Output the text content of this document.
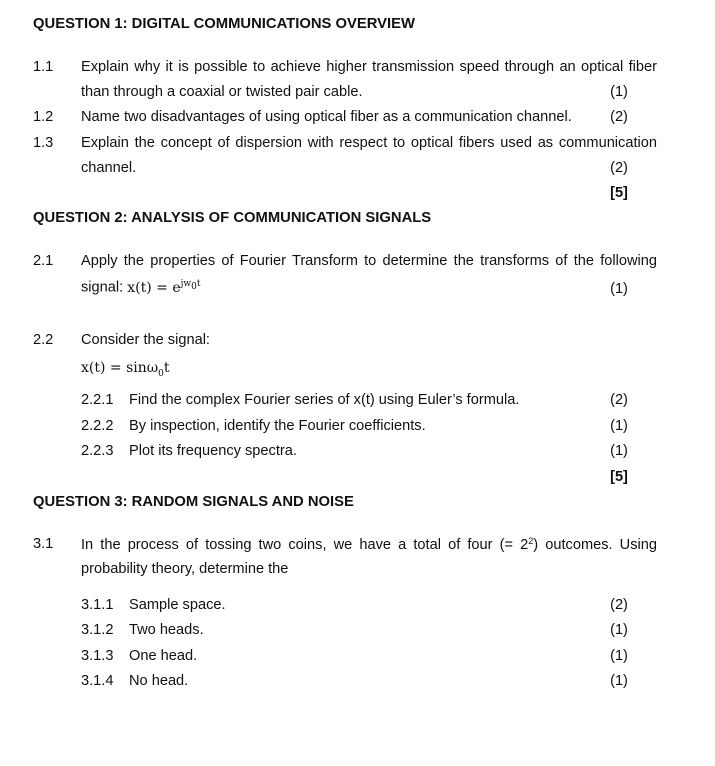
QUESTION 1: DIGITAL COMMUNICATIONS OVERVIEW
1.1 Explain why it is possible to achieve higher transmission speed through an optical fiber
than through a coaxial or twisted pair cable.	(1)
1.2 Name two disadvantages of using optical fiber as a communication channel.	(2)
1.3 Explain the concept of dispersion with respect to optical fibers used as communication
channel.	(2)
[5]
QUESTION 2: ANALYSIS OF COMMUNICATION SIGNALS
2.1 Apply the properties of Fourier Transform to determine the transforms of the following
signal: $x(t) = e^{jw_0t}$	(1)
2.2 Consider the signal:
x(t) = sinω$_0$t
2.2.1 Find the complex Fourier series of x(t) using Euler’s formula.	(2)
2.2.2 By inspection, identify the Fourier coefficients.	(1)
2.2.3 Plot its frequency spectra.	(1)
[5]
QUESTION 3: RANDOM SIGNALS AND NOISE
3.1 In the process of tossing two coins, we have a total of four (= $2^2$) outcomes. Using
probability theory, determine the
3.1.1 Sample space.	(2)
3.1.2 Two heads.	(1)
3.1.3 One head.	(1)
3.1.4 No head.	(1)
